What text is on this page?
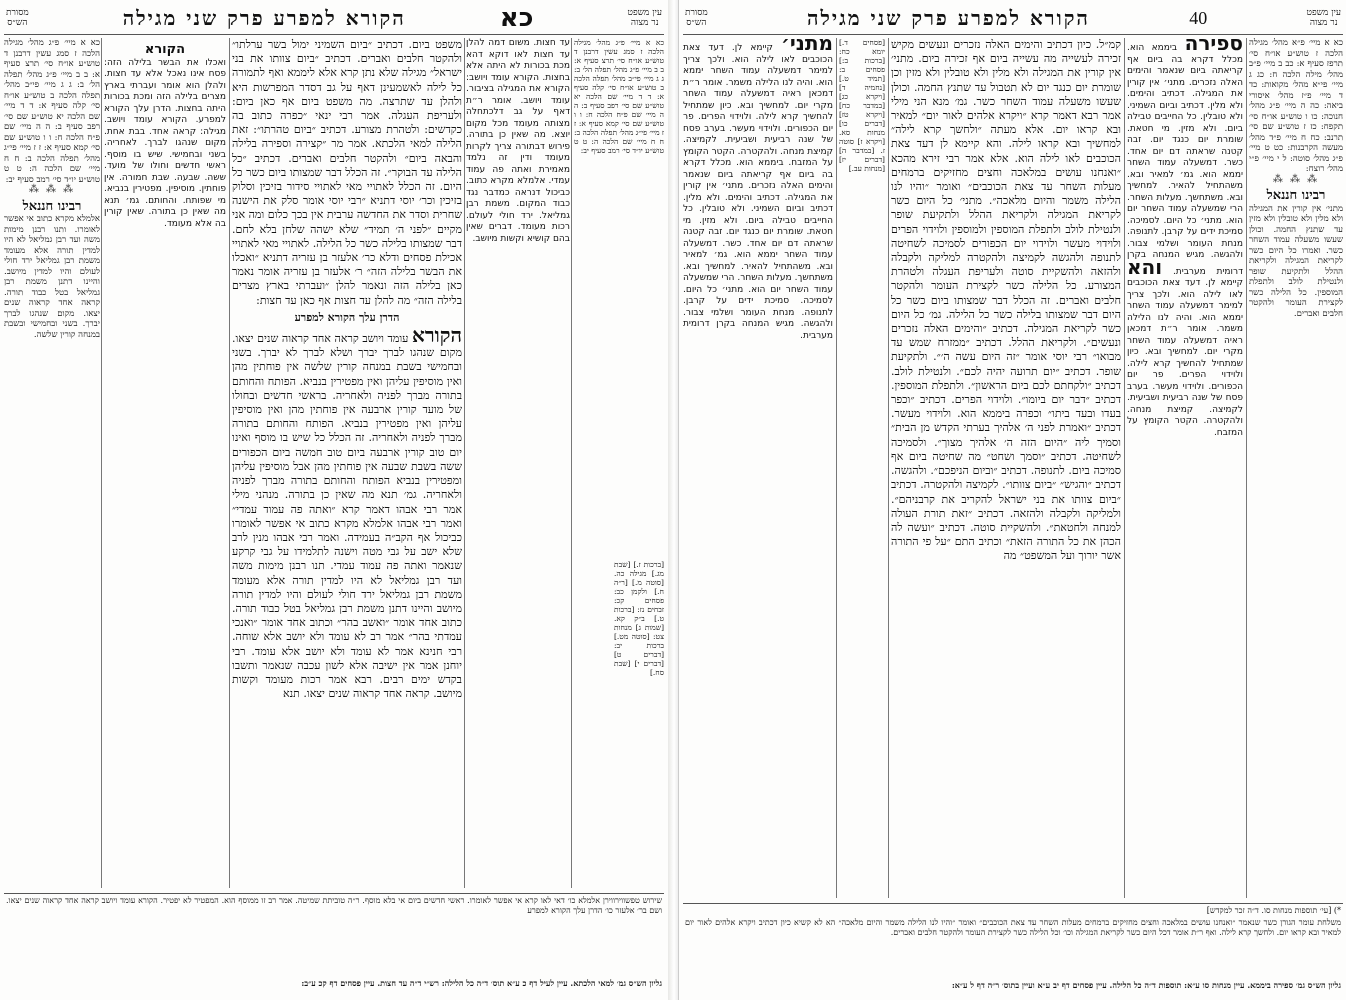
עין משפט
נר מצוה
כא
הקורא למפרע פרק שני מגילה
מסורת
הש״ס
כא א מיי׳ פ״ג מהל׳ מגילה הלכה ז סמג עשין דרבנן ד טוש״ע או״ח סי׳ תרצ סעיף א: ב ב מיי׳ פ״ג מהל׳ תפלה הל׳ ב: ג ג מיי׳ פי״ב מהל׳ תפלה הלכה ב טוש״ע או״ח סי׳ קלה סעיף א: ד ד מיי׳ שם הלכה יא טוש״ע שם סי׳ רפב סעיף ב: ה ה מיי׳ שם פ״ח הלכה ח: ו ו טוש״ע שם סי׳ קמא סעיף א: ז ז מיי׳ פי״ג מהל׳ תפלה הלכה ב: ח ח מיי׳ שם הלכה ה: ט ט טוש״ע יו״ד סי׳ רמב סעיף יב:
[ברכות ז.] [שבת מג.] מגילה כה. [סוטה מ.] [ר״ה ח.] ולקמן כב: פסחים קכ: זבחים נז: [ברכות ט.] ב״ק קא. [שמות ג] מנחות צט: [סוטה מט.] ברכות יב: [דברים ט] [דברים י] [שבת סח.]
עד חצות. משום דמה להלן עד חצות לאו דוקא דהא מכת בכורות לא היתה אלא בחצות. הקורא עומד ויושב: הקורא את המגילה בציבור. עומד ויושב. אומר ר״ת דאף על גב דלכתחלה מצותה מעומד מכל מקום יוצא. מה שאין כן בתורה. פירוש דבתורה צריך לקרות מעומד ודין זה נלמד מאמירת ואתה פה עמוד עמדי. אלמלא מקרא כתוב. כביכול דנראה כמדבר נגד כבוד המקום. משמת רבן גמליאל. ירד חולי לעולם. רכות מעומד. דברים שאין בהם קושיא וקשות מיושב.
משפט ביום. דכתיב ״ביום השמיני ימול בשר ערלתו״ ולהקטר חלבים ואברים. דכתיב ״ביום צוותו את בני ישראל״ מגילה שלא נתן קרא אלא ליממא ואף לתמורה כל לילה לאשמעינן דאף על גב דסדר המפרשות היא ולהלן עד שתרצה. מה משפט ביום אף כאן ביום: ולעריפת העגלה. אמר רבי ינאי ״כפרה כתוב בה כקדשים: ולטהרת מצורע. דכתיב ״ביום טהרתו״: זאת הלילה למאי הלכתא. אמר מר ״קצירה וספירה בלילה והבאה ביום״ ולהקטר חלבים ואברים. דכתיב ״כל הלילה עד הבוקר״. זה הכלל דבר שמצותו ביום כשר כל היום. זה הכלל לאתויי מאי לאתויי סידור בזיכין וסלוק בזיכין וכר׳ יוסי דתניא ״רבי יוסי אומר סלק את הישנה שחרית וסדר את החדשה ערבית אין בכך כלום ומה אני מקיים ״לפני ה׳ תמיד״ שלא ישהה שלחן בלא לחם. דבר שמצותו בלילה כשר כל הלילה. לאתויי מאי לאתויי אכילת פסחים ודלא כר׳ אלעזר בן עזריה דתניא ״ואכלו את הבשר בלילה הזה״ ר׳ אלעזר בן עזריה אומר נאמר כאן בלילה הזה ונאמר להלן ״ועברתי בארץ מצרים בלילה הזה״ מה להלן עד חצות אף כאן עד חצות:
הדרן עלך הקורא למפרע
הקורא עומד ויושב קראה אחד קראוה שנים יצאו. מקום שנהגו לברך יברך ושלא לברך לא יברך. בשני ובחמישי בשבת במנחה קורין שלשה אין פוחתין מהן ואין מוסיפין עליהן ואין מפטירין בנביא. הפותח והחותם בתורה מברך לפניה ולאחריה. בראשי חדשים ובחולו של מועד קורין ארבעה אין פוחתין מהן ואין מוסיפין עליהן ואין מפטירין בנביא. הפותח והחותם בתורה מברך לפניה ולאחריה. זה הכלל כל שיש בו מוסף ואינו יום טוב קורין ארבעה ביום טוב חמשה ביום הכפורים ששה בשבת שבעה אין פוחתין מהן אבל מוסיפין עליהן ומפטירין בנביא הפותח והחותם בתורה מברך לפניה ולאחריה. גמ׳ תנא מה שאין כן בתורה. מנהני מילי אמר רבי אבהו דאמר קרא ״ואתה פה עמוד עמדי״ ואמר רבי אבהו אלמלא מקרא כתוב אי אפשר לאומרו כביכול אף הקב״ה בעמידה. ואמר רבי אבהו מנין לרב שלא ישב על גבי מטה וישנה לתלמידו על גבי קרקע שנאמר ואתה פה עמוד עמדי. תנו רבנן מימות משה ועד רבן גמליאל לא היו למדין תורה אלא מעומד משמת רבן גמליאל ירד חולי לעולם והיו למדין תורה מיושב והיינו דתנן משמת רבן גמליאל בטל כבוד תורה. כתוב אחד אומר ״ואשב בהר״ וכתוב אחד אומר ״ואנכי עמדתי בהר״ אמר רב לא עומד ולא יושב אלא שוחה. רבי חנינא אמר לא עומד ולא יושב אלא עומד. רבי יוחנן אמר אין ישיבה אלא לשון עכבה שנאמר ותשבו בקדש ימים רבים. רבא אמר רכות מעומד וקשות מיושב. קראה אחד קראוה שנים יצאו. תנא
הקורא
ואכלו את הבשר בלילה הזה: פסח אינו נאכל אלא עד חצות. ולהלן הוא אומר ועברתי בארץ מצרים בלילה הזה ומכת בכורות היתה בחצות. הדרן עלך הקורא למפרע. הקורא עומד ויושב. מגילה: קראה אחד. בבת אחת. מקום שנהגו לברך. לאחריה. בשני ובחמישי. שיש בו מוסף. ראשי חדשים וחולו של מועד. ששה. שבעה. שבת חמורה. אין פוחתין. מוסיפין. מפטירין בנביא. מי שפותח. והחותם. גמ׳ תנא מה שאין כן בתורה. שאין קורין בה אלא מעומד.
כא א מיי׳ פ״ג מהל׳ מגילה הלכה ז סמג עשין דרבנן ד טוש״ע או״ח סי׳ תרצ סעיף א: ב ב מיי׳ פ״ג מהל׳ תפלה הל׳ ב: ג ג מיי׳ פי״ב מהל׳ תפלה הלכה ב טוש״ע או״ח סי׳ קלה סעיף א: ד ד מיי׳ שם הלכה יא טוש״ע שם סי׳ רפב סעיף ב: ה ה מיי׳ שם פ״ח הלכה ח: ו ו טוש״ע שם סי׳ קמא סעיף א: ז ז מיי׳ פי״ג מהל׳ תפלה הלכה ב: ח ח מיי׳ שם הלכה ה: ט ט טוש״ע יו״ד סי׳ רמב סעיף יב:
⁂ ⁂ ⁂
רבינו חננאל
אלמלא מקרא כתוב אי אפשר לאומרו. ותנו רבנן מימות משה ועד רבן גמליאל לא היו למדין תורה אלא מעומד משמת רבן גמליאל ירד חולי לעולם והיו למדין מיושב. והיינו דתנן משמת רבן גמליאל בטל כבוד תורה. קראה אחד קראוה שנים יצאו. מקום שנהגו לברך יברך. בשני ובחמישי ובשבת במנחה קורין שלשה.
שירוש טפשווירווירן אלמלא כו׳ דאי לאו קרא אי אפשר לאומרו. ראשי חדשים ביום אי בלא מוסף. ר״ה טוביתת שמיטה. אמר רב זו ממוסף הוא. המפטיר לא יפטיר. הקורא עומד ויושב קראה אחד קראוה שנים יצאו. ושם בר׳ אלעזר כו׳ הדרן עלך הקורא למפרע
גליון הש״ס גמ׳ למאי הלכתא. עיין לעיל דף כ ע״א תוס׳ ד״ה כל הלילה: רש״י ד״ה עד חצות. עיין פסחים דף קכ ע״ב:
עין משפט
נר מצוה
40
הקורא למפרע פרק שני מגילה
מסורת
הש״ס
כא א מיי׳ פ״א מהל׳ מגילה הלכה ז טוש״ע או״ח סי׳ תרפז סעיף א: כב ב מיי׳ פ״ב מהל׳ מילה הלכה ח: כג ג מיי׳ פי״א מהל׳ מקואות: כד ד מיי׳ פ״ז מהל׳ איסורי ביאה: כה ה מיי׳ פ״ג מהל׳ חנוכה: כו ו טוש״ע או״ח סי׳ תקפח: כז ז טוש״ע שם סי׳ תרנב: כח ח מיי׳ פ״ד מהל׳ מעשה הקרבנות: כט ט מיי׳ פ״ג מהל׳ סוטה: ל י מיי׳ פ״י מהל׳ רוצח:
⁂ ⁂ ⁂
רבינו חננאל
מתני׳ אין קורין את המגילה ולא מלין ולא טובלין ולא מזין עד שתנץ החמה. וכולן שעשו משעלה עמוד השחר כשר. ואמרו כל היום כשר לקריאת המגילה ולקריאת ההלל ולתקיעת שופר ולנטילת לולב ולתפלת המוספין. כל הלילה כשר לקצירת העומר ולהקטר חלבים ואברים.
ספירה ביממא הוא. מכלל דקרא בה ביום אף קריאתה ביום שנאמר והימים האלה נזכרים. מתני׳ אין קורין את המגילה. דכתיב והימים. ולא מלין. דכתיב וביום השמיני. ולא טובלין. כל החייבים טבילה ביום. ולא מזין. מי חטאת. שומרת יום כנגד יום. זבה קטנה שראתה דם יום אחד. כשר. דמשעלה עמוד השחר יממא הוא. גמ׳ למאיר ובא. משהתחיל להאיר. למחשיך ובא. משתחשך. מעלות השחר. הרי שמשעלה עמוד השחר יום הוא. מתני׳ כל היום. לסמיכה. סמיכת ידים על קרבן. לתנופה. מנחת העומר ושלמי צבור. ולהגשה. מגיש המנחה בקרן דרומית מערבית. והא קיימא לן. דעד צאת הכוכבים לאו לילה הוא. ולכך צריך למימר דמשעלה עמוד השחר יממא הוא. והיה לנו הלילה משמר. אומר ר״ת דמכאן ראיה דמשעלה עמוד השחר מקרי יום. למחשיך ובא. כיון שמתחיל להחשיך קרא לילה. ולוידוי הפרים. פר יום הכפורים. ולוידוי מעשר. בערב פסח של שנה רביעית ושביעית. לקמיצה. קמיצת מנחה. ולהקטרה. הקטר הקומץ על המזבח.
קמ״ל. כיון דכתיב והימים האלה נזכרים ונעשים מקיש זכירה לעשייה מה עשייה ביום אף זכירה ביום. מתני׳ אין קורין את המגילה ולא מלין ולא טובלין ולא מזין וכן שומרת יום כנגד יום לא תטבול עד שתנץ החמה. וכולן שעשו משעלה עמוד השחר כשר. גמ׳ מנא הני מילי אמר רבא דאמר קרא ״ויקרא אלהים לאור יום״ למאיר ובא קראו יום. אלא מעתה ״ולחשך קרא לילה״ למחשיך ובא קראו לילה. והא קיימא לן דעד צאת הכוכבים לאו לילה הוא. אלא אמר רבי זירא מהכא ״ואנחנו עושים במלאכה וחצים מחזיקים ברמחים מעלות השחר עד צאת הכוכבים״ ואומר ״והיו לנו הלילה משמר והיום מלאכה״. מתני׳ כל היום כשר לקריאת המגילה ולקריאת ההלל ולתקיעת שופר ולנטילת לולב ולתפלת המוספין ולמוספין ולוידוי הפרים ולוידוי מעשר ולוידוי יום הכפורים לסמיכה לשחיטה לתנופה ולהגשה לקמיצה ולהקטרה למליקה ולקבלה ולהזאה ולהשקיית סוטה ולעריפת העגלה ולטהרת המצורע. כל הלילה כשר לקצירת העומר ולהקטר חלבים ואברים. זה הכלל דבר שמצותו ביום כשר כל היום דבר שמצותו בלילה כשר כל הלילה. גמ׳ כל היום כשר לקריאת המגילה. דכתיב ״והימים האלה נזכרים ונעשים״. ולקריאת ההלל. דכתיב ״ממזרח שמש עד מבואו״ רבי יוסי אומר ״זה היום עשה ה׳״. ולתקיעת שופר. דכתיב ״יום תרועה יהיה לכם״. ולנטילת לולב. דכתיב ״ולקחתם לכם ביום הראשון״. ולתפלת המוספין. דכתיב ״דבר יום ביומו״. ולוידוי הפרים. דכתיב ״וכפר בעדו ובעד ביתו״ וכפרה ביממא הוא. ולוידוי מעשר. דכתיב ״ואמרת לפני ה׳ אלהיך בערתי הקדש מן הבית״ וסמיך ליה ״היום הזה ה׳ אלהיך מצוך״. ולסמיכה לשחיטה. דכתיב ״וסמך ושחט״ מה שחיטה ביום אף סמיכה ביום. לתנופה. דכתיב ״וביום הניפכם״. ולהגשה. דכתיב ״והגיש״ ״ביום צוותו״. לקמיצה ולהקטרה. דכתיב ״ביום צוותו את בני ישראל להקריב את קרבניהם״. ולמליקה ולקבלה ולהזאה. דכתיב ״זאת תורת העולה למנחה ולחטאת״. ולהשקיית סוטה. דכתיב ״ועשה לה הכהן את כל התורה הזאת״ וכתיב התם ״על פי התורה אשר יורוך ועל המשפט״ מה
[פסחים ד.] יומא כח: [ברכות ב:] פסחים ב: [תמיד ט.] [נחמיה ד] [ויקרא כג] [במדבר כח] [ויקרא טז] [דברים כו] מנחות סא. [ויקרא ז] סוטה ז. [במדבר ה] [דברים יז] [מנחות עב.]
מתני׳ קיימא לן. דעד צאת הכוכבים לאו לילה הוא. ולכך צריך למימר דמשעלה עמוד השחר יממא הוא. והיה לנו הלילה משמר. אומר ר״ת דמכאן ראיה דמשעלה עמוד השחר מקרי יום. למחשיך ובא. כיון שמתחיל להחשיך קרא לילה. ולוידוי הפרים. פר יום הכפורים. ולוידוי מעשר. בערב פסח של שנה רביעית ושביעית. לקמיצה. קמיצת מנחה. ולהקטרה. הקטר הקומץ על המזבח. ביממא הוא. מכלל דקרא בה ביום אף קריאתה ביום שנאמר והימים האלה נזכרים. מתני׳ אין קורין את המגילה. דכתיב והימים. ולא מלין. דכתיב וביום השמיני. ולא טובלין. כל החייבים טבילה ביום. ולא מזין. מי חטאת. שומרת יום כנגד יום. זבה קטנה שראתה דם יום אחד. כשר. דמשעלה עמוד השחר יממא הוא. גמ׳ למאיר ובא. משהתחיל להאיר. למחשיך ובא. משתחשך. מעלות השחר. הרי שמשעלה עמוד השחר יום הוא. מתני׳ כל היום. לסמיכה. סמיכת ידים על קרבן. לתנופה. מנחת העומר ושלמי צבור. ולהגשה. מגיש המנחה בקרן דרומית מערבית.
*) [עי׳ תוספות מנחות סו. ד״ה זכר למקדש]
משלחת עומר הגורן כשר שנאמר ״ואנחנו עושים במלאכה וחצים מחזיקים ברמחים מעלות השחר עד צאת הכוכבים״ ואומר ״והיו לנו הלילה משמר והיום מלאכה״ הא לא קשיא כיון דכתיב ויקרא אלהים לאור יום למאיר ובא קראו יום. ולחשך קרא לילה. ואף ר״ת אומר דכל היום כשר לקריאת המגילה וכו׳ וכל הלילה כשר לקצירת העומר ולהקטר חלבים ואברים.
גליון הש״ס גמ׳ ספירה ביממא. עיין מנחות סו ע״א: תוספות ד״ה כל הלילה. עיין פסחים דף יב ע״א ועיין בתוס׳ ר״ה דף ל ע״א:
